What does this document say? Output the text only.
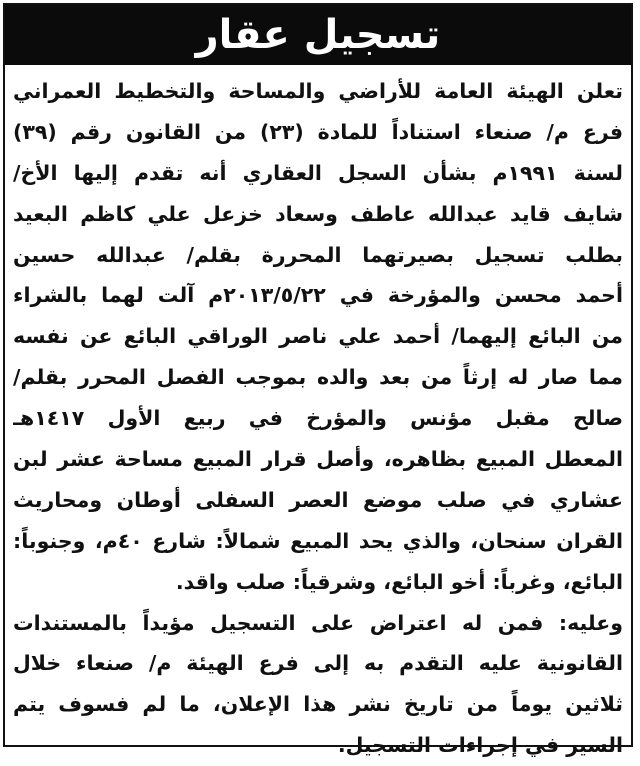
تسجيل عقار
تعلن الهيئة العامة للأراضي والمساحة والتخطيط العمراني
فرع م/ صنعاء استناداً للمادة (٢٣) من القانون رقم (٣٩)
لسنة ١٩٩١م بشأن السجل العقاري أنه تقدم إليها الأخ/
شايف قايد عبدالله عاطف وسعاد خزعل علي كاظم البعيد
بطلب تسجيل بصيرتهما المحررة بقلم/ عبدالله حسين
أحمد محسن والمؤرخة في ٢٠١٣/٥/٢٢م آلت لهما بالشراء
من البائع إليهما/ أحمد علي ناصر الوراقي البائع عن نفسه
مما صار له إرثاً من بعد والده بموجب الفصل المحرر بقلم/
صالح مقبل مؤنس والمؤرخ في ربيع الأول ١٤١٧هـ
المعطل المبيع بظاهره، وأصل قرار المبيع مساحة عشر لبن
عشاري في صلب موضع العصر السفلى أوطان ومحاريث
القران سنحان، والذي يحد المبيع شمالاً: شارع ٤٠م، وجنوباً:
البائع، وغرباً: أخو البائع، وشرقياً: صلب واقد.
وعليه: فمن له اعتراض على التسجيل مؤيداً بالمستندات
القانونية عليه التقدم به إلى فرع الهيئة م/ صنعاء خلال
ثلاثين يوماً من تاريخ نشر هذا الإعلان، ما لم فسوف يتم
السير في إجراءات التسجيل.
